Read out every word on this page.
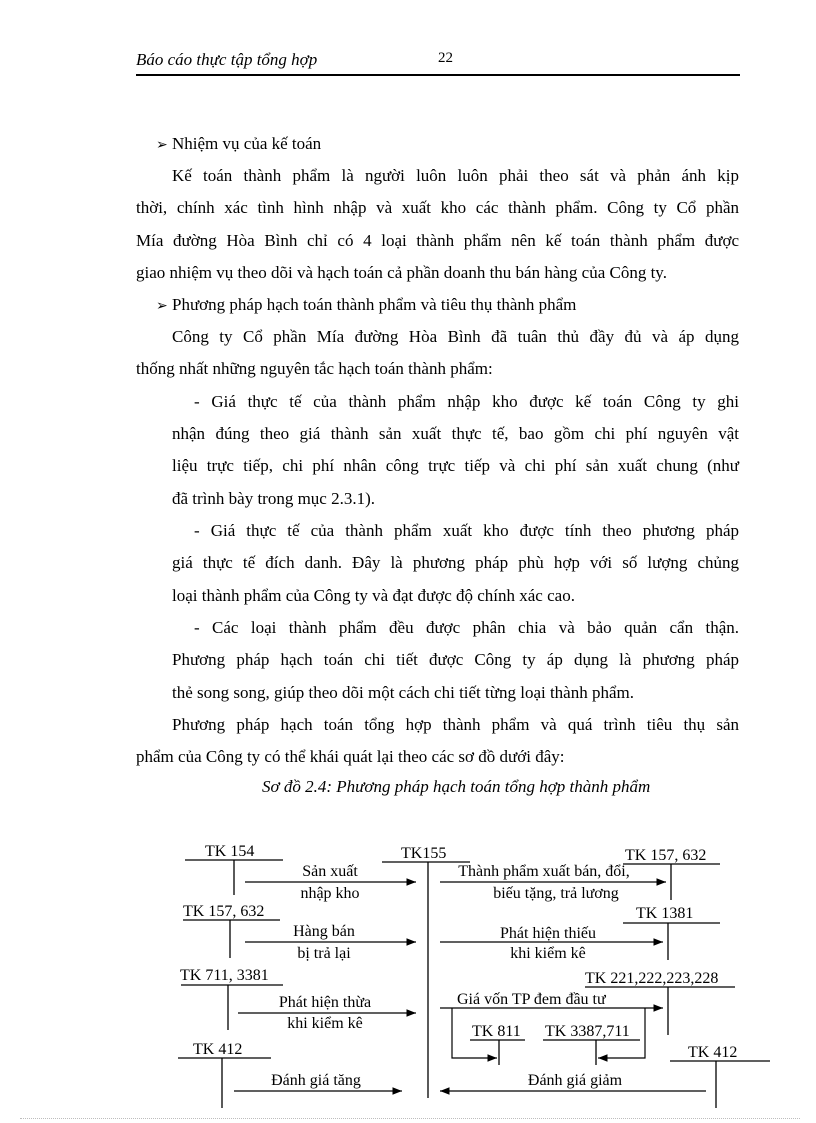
Báo cáo thực tập tổng hợp	22
➢ Nhiệm vụ của kế toán
Kế toán thành phẩm là người luôn luôn phải theo sát và phản ánh kịp
thời, chính xác tình hình nhập và xuất kho các thành phẩm. Công ty Cổ phần
Mía đường Hòa Bình chỉ có 4 loại thành phẩm nên kế toán thành phẩm được
giao nhiệm vụ theo dõi và hạch toán cả phần doanh thu bán hàng của Công ty.
➢ Phương pháp hạch toán thành phẩm và tiêu thụ thành phẩm
Công ty Cổ phần Mía đường Hòa Bình đã tuân thủ đầy đủ và áp dụng
thống nhất những nguyên tắc hạch toán thành phẩm:
- Giá thực tế của thành phẩm nhập kho được kế toán Công ty ghi
nhận đúng theo giá thành sản xuất thực tế, bao gồm chi phí nguyên vật
liệu trực tiếp, chi phí nhân công trực tiếp và chi phí sản xuất chung (như
đã trình bày trong mục 2.3.1).
- Giá thực tế của thành phẩm xuất kho được tính theo phương pháp
giá thực tế đích danh. Đây là phương pháp phù hợp với số lượng chủng
loại thành phẩm của Công ty và đạt được độ chính xác cao.
- Các loại thành phẩm đều được phân chia và bảo quản cẩn thận.
Phương pháp hạch toán chi tiết được Công ty áp dụng là phương pháp
thẻ song song, giúp theo dõi một cách chi tiết từng loại thành phẩm.
Phương pháp hạch toán tổng hợp thành phẩm và quá trình tiêu thụ sản
phẩm của Công ty có thể khái quát lại theo các sơ đồ dưới đây:
Sơ đồ 2.4: Phương pháp hạch toán tổng hợp thành phẩm
TK 154	TK155	TK 157, 632
TK 157, 632	TK 1381
TK 711, 3381	TK 221,222,223,228
TK 412
TK 811 TK 3387,711
TK 412
Sản xuất
nhập kho
Thành phẩm xuất bán, đổi,
biếu tặng, trả lương
Hàng bán
bị trả lại
Phát hiện thiếu
khi kiểm kê
Phát hiện thừa
khi kiểm kê
Giá vốn TP đem đầu tư
Đánh giá tăng	Đánh giá giảm
